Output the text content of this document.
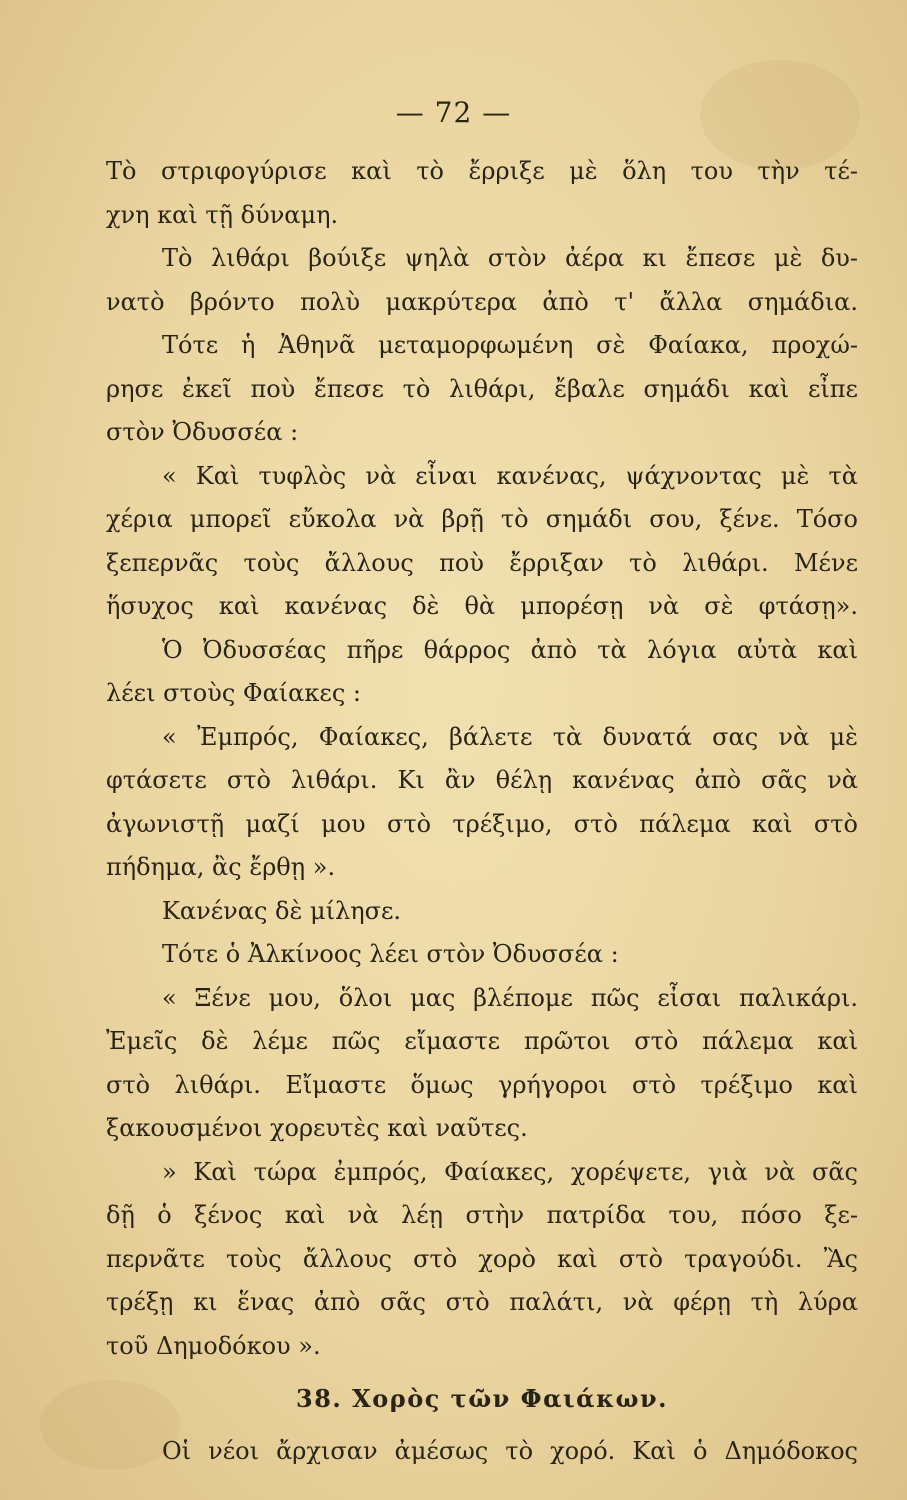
— 72 —
Τὸ στριφογύρισε καὶ τὸ ἔρριξε μὲ ὅλη του τὴν τέ-
χνη καὶ τῇ δύναμη.
Τὸ λιθάρι βούιξε ψηλὰ στὸν ἀέρα κι ἔπεσε μὲ δυ-
νατὸ βρόντο πολὺ μακρύτερα ἀπὸ τ' ἄλλα σημάδια.
Τότε ἡ Ἀθηνᾶ μεταμορφωμένη σὲ Φαίακα, προχώ-
ρησε ἐκεῖ ποὺ ἔπεσε τὸ λιθάρι, ἔβαλε σημάδι καὶ εἶπε
στὸν Ὀδυσσέα :
« Καὶ τυφλὸς νὰ εἶναι κανένας, ψάχνοντας μὲ τὰ
χέρια μπορεῖ εὔκολα νὰ βρῇ τὸ σημάδι σου, ξένε. Τόσο
ξεπερνᾶς τοὺς ἄλλους ποὺ ἔρριξαν τὸ λιθάρι. Μένε
ἥσυχος καὶ κανένας δὲ θὰ μπορέσῃ νὰ σὲ φτάσῃ».
Ὁ Ὀδυσσέας πῆρε θάρρος ἀπὸ τὰ λόγια αὐτὰ καὶ
λέει στοὺς Φαίακες :
« Ἐμπρός, Φαίακες, βάλετε τὰ δυνατά σας νὰ μὲ
φτάσετε στὸ λιθάρι. Κι ἂν θέλῃ κανένας ἀπὸ σᾶς νὰ
ἀγωνιστῇ μαζί μου στὸ τρέξιμο, στὸ πάλεμα καὶ στὸ
πήδημα, ἂς ἔρθῃ ».
Κανένας δὲ μίλησε.
Τότε ὁ Ἀλκίνοος λέει στὸν Ὀδυσσέα :
« Ξένε μου, ὅλοι μας βλέπομε πῶς εἶσαι παλικάρι.
Ἐμεῖς δὲ λέμε πῶς εἴμαστε πρῶτοι στὸ πάλεμα καὶ
στὸ λιθάρι. Εἴμαστε ὅμως γρήγοροι στὸ τρέξιμο καὶ
ξακουσμένοι χορευτὲς καὶ ναῦτες.
» Καὶ τώρα ἐμπρός, Φαίακες, χορέψετε, γιὰ νὰ σᾶς
δῇ ὁ ξένος καὶ νὰ λέῃ στὴν πατρίδα του, πόσο ξε-
περνᾶτε τοὺς ἄλλους στὸ χορὸ καὶ στὸ τραγούδι. Ἂς
τρέξῃ κι ἕνας ἀπὸ σᾶς στὸ παλάτι, νὰ φέρῃ τὴ λύρα
τοῦ Δημοδόκου ».
38. Χορὸς τῶν Φαιάκων.
Οἱ νέοι ἄρχισαν ἀμέσως τὸ χορό. Καὶ ὁ Δημόδοκος
